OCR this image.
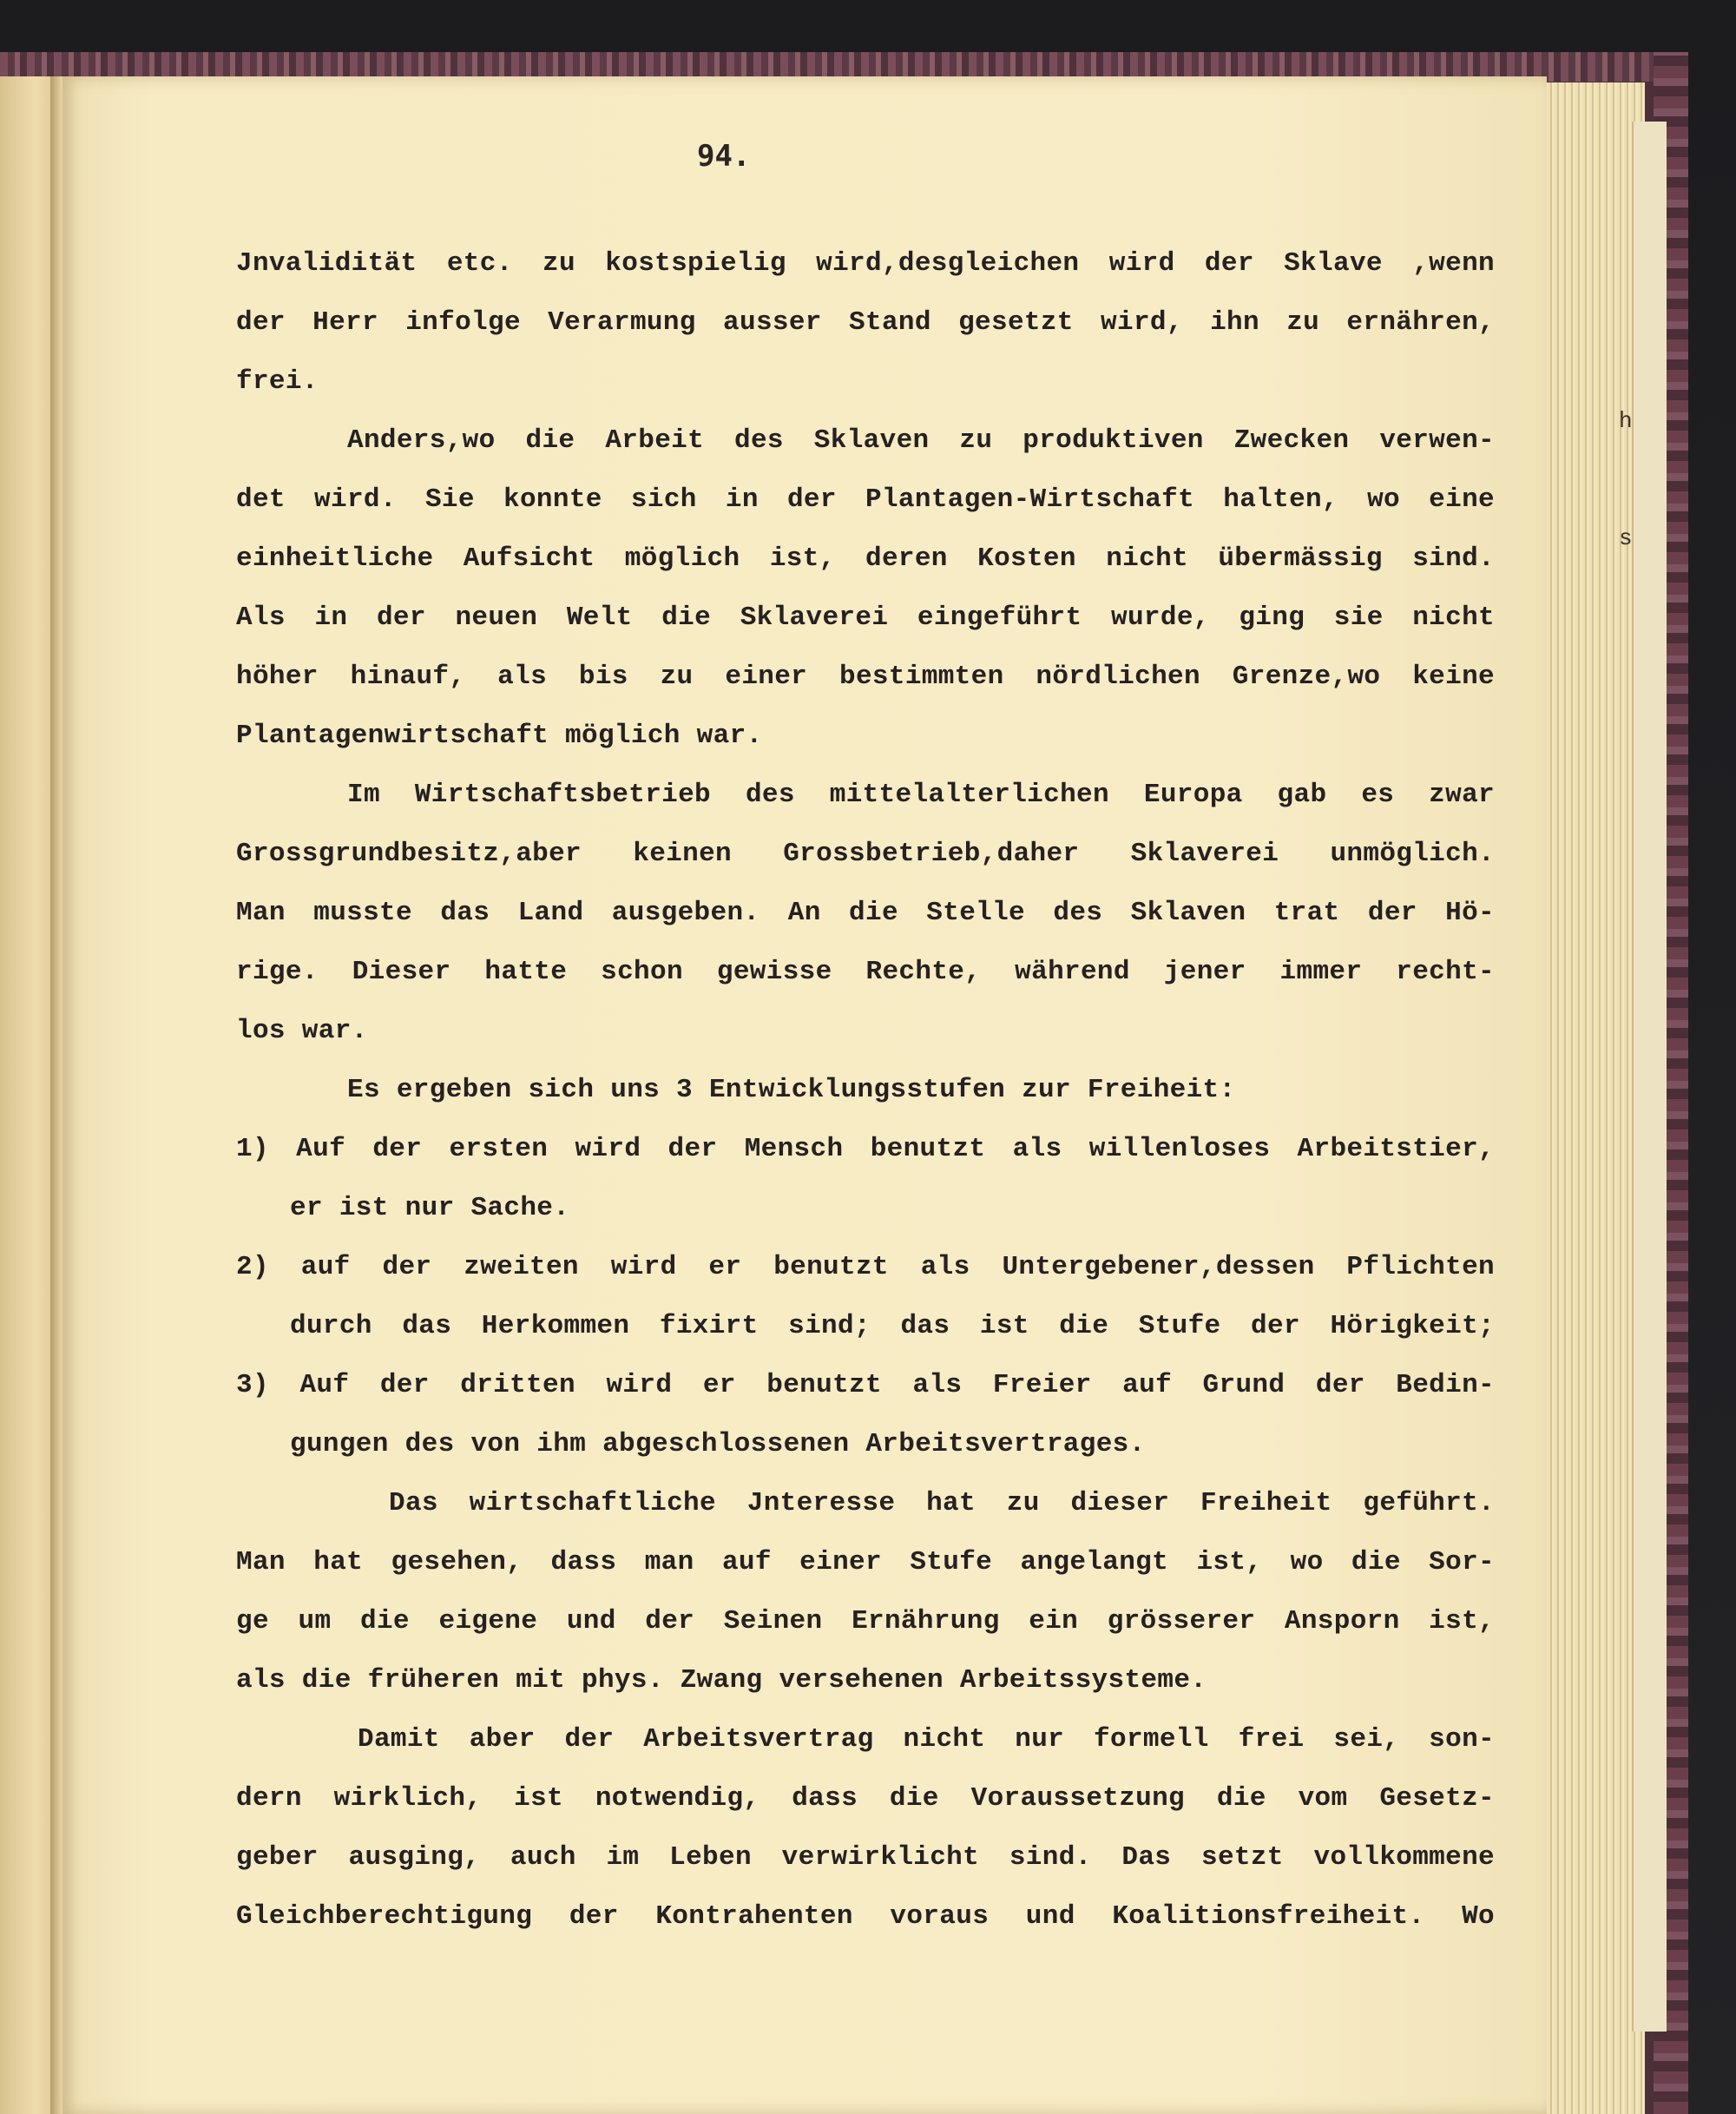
h
s
94.
Jnvalidität etc. zu kostspielig wird,desgleichen wird der Sklave ,wenn
der Herr infolge Verarmung ausser Stand gesetzt wird, ihn zu ernähren,
frei.
Anders,wo die Arbeit des Sklaven zu produktiven Zwecken verwen-
det wird. Sie konnte sich in der Plantagen-Wirtschaft halten, wo eine
einheitliche Aufsicht möglich ist, deren Kosten nicht übermässig sind.
Als in der neuen Welt die Sklaverei eingeführt wurde, ging sie nicht
höher hinauf, als bis zu einer bestimmten nördlichen Grenze,wo keine
Plantagenwirtschaft möglich war.
Im Wirtschaftsbetrieb des mittelalterlichen Europa gab es zwar
Grossgrundbesitz,aber keinen Grossbetrieb,daher Sklaverei unmöglich.
Man musste das Land ausgeben. An die Stelle des Sklaven trat der Hö-
rige. Dieser hatte schon gewisse Rechte, während jener immer recht-
los war.
Es ergeben sich uns 3 Entwicklungsstufen zur Freiheit:
1) Auf der ersten wird der Mensch benutzt als willenloses Arbeitstier,
er ist nur Sache.
2) auf der zweiten wird er benutzt als Untergebener,dessen Pflichten
durch das Herkommen fixirt sind; das ist die Stufe der Hörigkeit;
3) Auf der dritten wird er benutzt als Freier auf Grund der Bedin-
gungen des von ihm abgeschlossenen Arbeitsvertrages.
Das wirtschaftliche Jnteresse hat zu dieser Freiheit geführt.
Man hat gesehen, dass man auf einer Stufe angelangt ist, wo die Sor-
ge um die eigene und der Seinen Ernährung ein grösserer Ansporn ist,
als die früheren mit phys. Zwang versehenen Arbeitssysteme.
Damit aber der Arbeitsvertrag nicht nur formell frei sei, son-
dern wirklich, ist notwendig, dass die Voraussetzung die vom Gesetz-
geber ausging, auch im Leben verwirklicht sind. Das setzt vollkommene
Gleichberechtigung der Kontrahenten voraus und Koalitionsfreiheit. Wo
